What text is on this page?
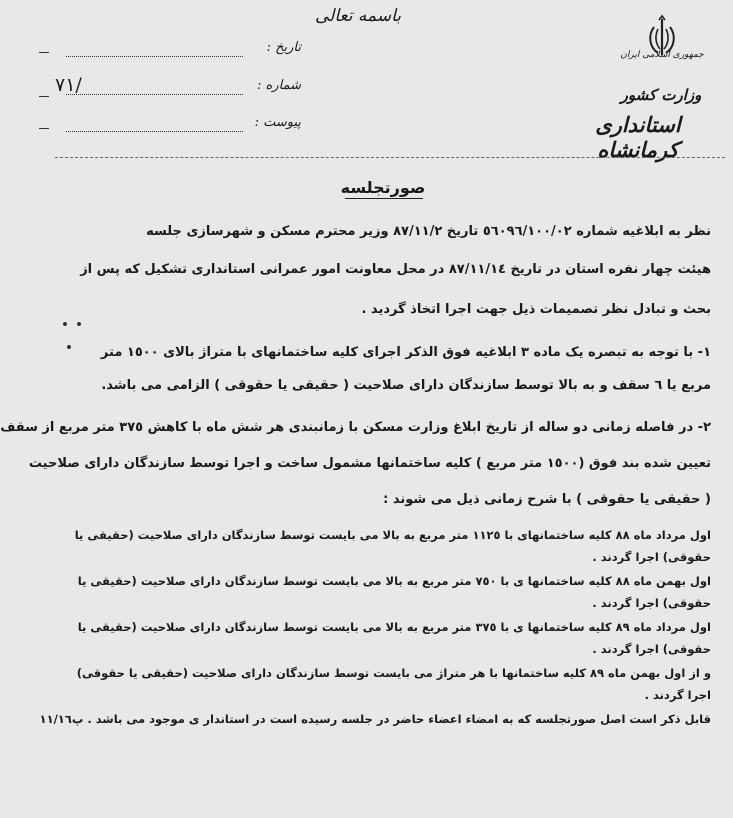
باسمه تعالی
جمهوری اسلامی ایران
وزارت کشور
استانداری کرمانشاه
تاریخ :
شماره :
٧١/
پیوست :
صورتجلسه
نظر به ابلاغیه شماره ٥٦٠٩٦/١٠٠/٠٢ تاریخ ٨٧/١١/٢ وزیر محترم مسکن و شهرسازی جلسه
هیئت چهار نفره استان در تاریخ ٨٧/١١/١٤ در محل معاونت امور عمرانی استانداری تشکیل که پس از
بحث و تبادل نظر تصمیمات ذیل جهت اجرا اتخاذ گردید .
۱- با توجه به تبصره یک ماده ٣ ابلاغیه فوق الذکر اجرای کلیه ساختمانهای با متراژ بالای ١٥٠٠ متر
مربع یا ٦ سقف و به بالا توسط سازندگان دارای صلاحیت ( حقیقی یا حقوقی ) الزامی می باشد.
۲- در فاصله زمانی دو ساله از تاریخ ابلاغ وزارت مسکن با زمانبندی هر شش ماه با کاهش ٣٧٥ متر مربع از سقف
تعیین شده بند فوق (١٥٠٠ متر مربع ) کلیه ساختمانها مشمول ساخت و اجرا توسط سازندگان دارای صلاحیت
( حقیقی یا حقوقی ) با شرح زمانی ذیل می شوند :
اول مرداد ماه ٨٨ کلیه ساختمانهای با ١١٢٥ متر مربع به بالا می بایست توسط سازندگان دارای صلاحیت (حقیقی یا
حقوقی) اجرا گردند .
اول بهمن ماه ٨٨ کلیه ساختمانها ی با ٧٥٠ متر مربع به بالا می بایست توسط سازندگان دارای صلاحیت (حقیقی یا
حقوقی) اجرا گردند .
اول مرداد ماه ٨٩ کلیه ساختمانها ی با ٣٧٥ متر مربع به بالا می بایست توسط سازندگان دارای صلاحیت (حقیقی یا
حقوقی) اجرا گردند .
و از اول بهمن ماه ٨٩ کلیه ساختمانها با هر متراژ می بایست توسط سازندگان دارای صلاحیت (حقیقی یا حقوقی)
اجرا گردند .
قابل ذکر است اصل صورتجلسه که به امضاء اعضاء حاضر در جلسه رسیده است در استاندار ی موجود می باشد . پ١١/١٦
